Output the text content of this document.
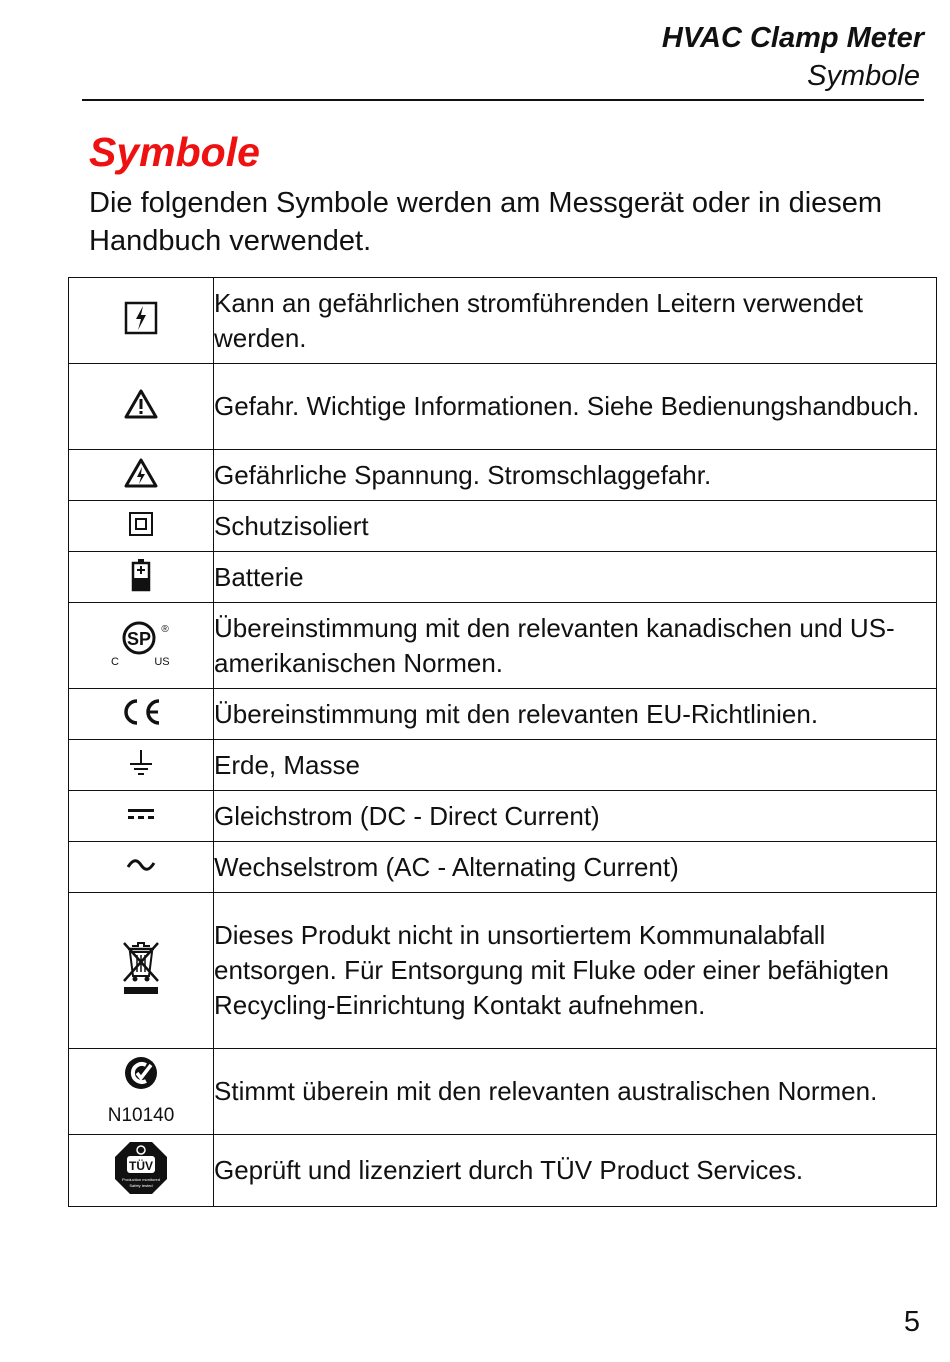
HVAC Clamp Meter
Symbole
Symbole
Die folgenden Symbole werden am Messgerät oder in diesem Handbuch verwendet.
	Kann an gefährlichen stromführenden Leitern verwendet werden.

	Gefahr. Wichtige Informationen. Siehe Bedienungshandbuch.

	Gefährliche Spannung. Stromschlaggefahr.

	Schutzisoliert

	Batterie

SP ®
C US	Übereinstimmung mit den relevanten kanadischen und US-amerikanischen Normen.

	Übereinstimmung mit den relevanten EU-Richtlinien.

	Erde, Masse

	Gleichstrom (DC - Direct Current)

	Wechselstrom (AC - Alternating Current)

	Dieses Produkt nicht in unsortiertem Kommunalabfall entsorgen. Für Entsorgung mit Fluke oder einer befähigten Recycling-Einrichtung Kontakt aufnehmen.

N10140	Stimmt überein mit den relevanten australischen Normen.

TÜV
Production monitored
Safety tested	Geprüft und lizenziert durch TÜV Product Services.
5
